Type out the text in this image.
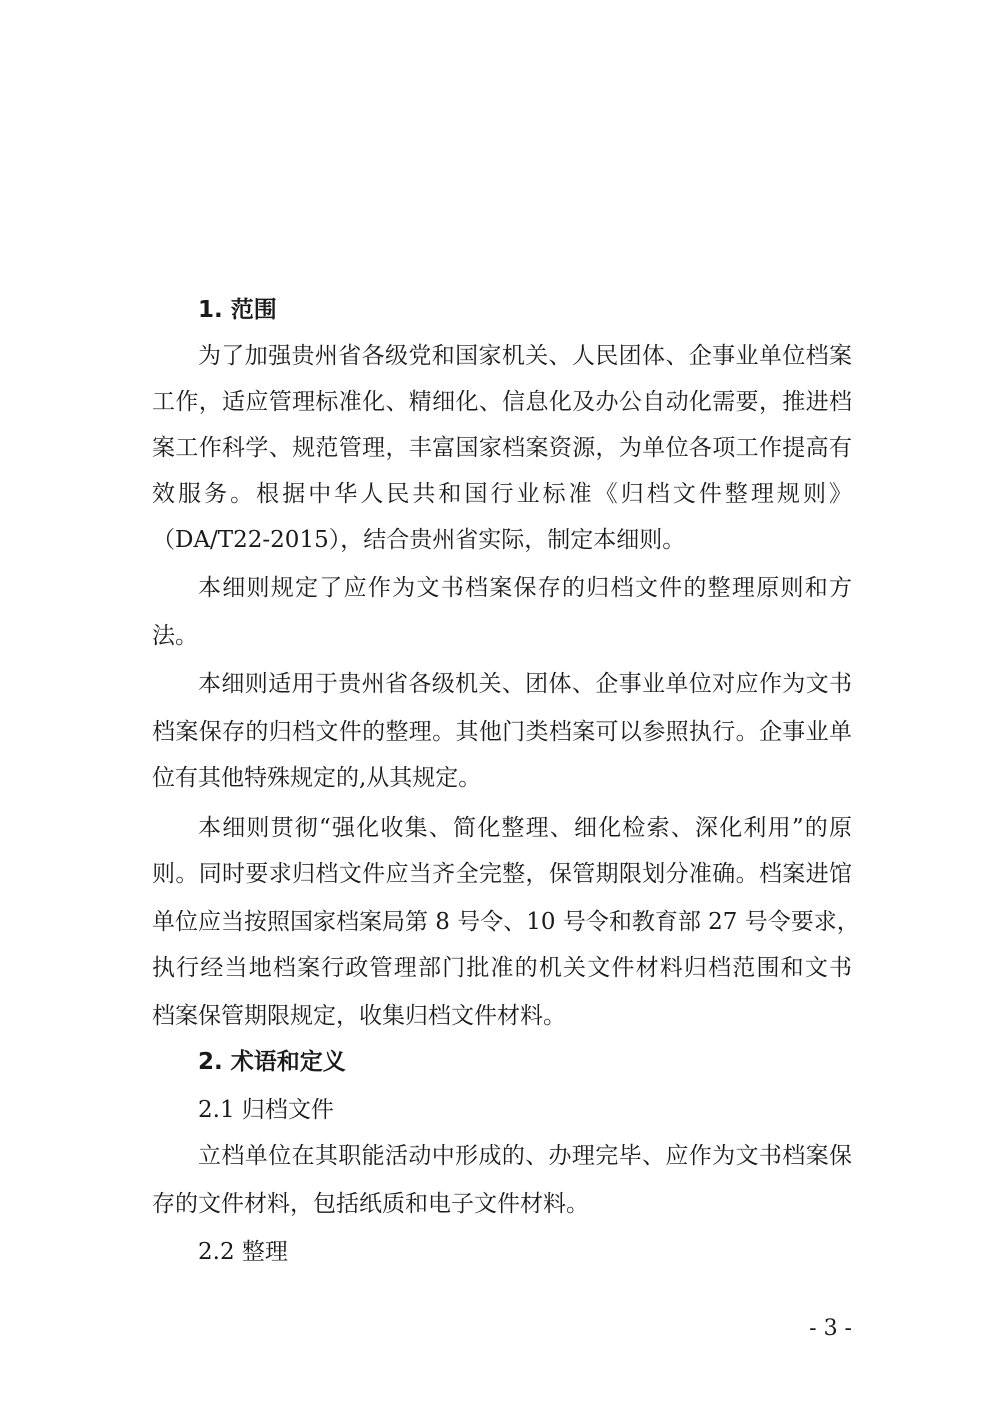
1. 范围
为了加强贵州省各级党和国家机关、人民团体、企事业单位档案
工作，适应管理标准化、精细化、信息化及办公自动化需要，推进档
案工作科学、规范管理，丰富国家档案资源，为单位各项工作提高有
效服务。根据中华人民共和国行业标准《归档文件整理规则》
（DA/T22-2015），结合贵州省实际，制定本细则。
本细则规定了应作为文书档案保存的归档文件的整理原则和方
法。
本细则适用于贵州省各级机关、团体、企事业单位对应作为文书
档案保存的归档文件的整理。其他门类档案可以参照执行。企事业单
位有其他特殊规定的,从其规定。
本细则贯彻“强化收集、简化整理、细化检索、深化利用”的原
则。同时要求归档文件应当齐全完整，保管期限划分准确。档案进馆
单位应当按照国家档案局第 8 号令、10 号令和教育部 27 号令要求，
执行经当地档案行政管理部门批准的机关文件材料归档范围和文书
档案保管期限规定，收集归档文件材料。
2. 术语和定义
2.1 归档文件
立档单位在其职能活动中形成的、办理完毕、应作为文书档案保
存的文件材料，包括纸质和电子文件材料。
2.2 整理
- 3 -
